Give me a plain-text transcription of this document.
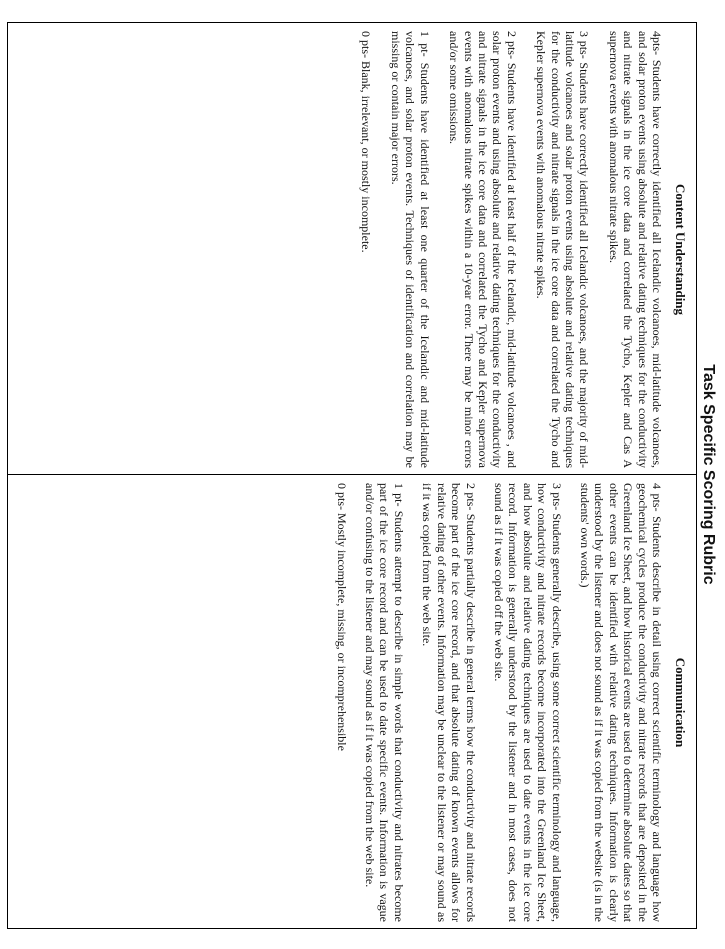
Task Specific Scoring Rubric
Content Understanding

4pts- Students have correctly identified all Icelandic volcanoes, mid-latitude volcanoes, and solar proton events using absolute and relative dating techniques for the conductivity and nitrate signals in the ice core data and correlated the Tycho, Kepler and Cas A supernova events with anomalous nitrate spikes.

3 pts- Students have correctly identified all Icelandic volcanoes, and the majority of mid-latitude volcanoes and solar proton events using absolute and relative dating techniques for the conductivity and nitrate signals in the ice core data and correlated the Tycho and Kepler supernova events with anomalous nitrate spikes.

2 pts- Students have identified at least half of the Icelandic, mid-latitude volcanoes , and solar proton events and using absolute and relative dating techniques for the conductivity and nitrate signals in the ice core data and correlated the Tycho and Kepler supernova events with anomalous nitrate spikes within a 10-year error. There may be minor errors and/or some omissions.

1 pt- Students have identified at least one quarter of the Icelandic and mid-latitude volcanoes, and solar proton events. Techniques of identification and correlation may be missing or contain major errors.

0 pts- Blank, irrelevant, or mostly incomplete.

Communication

4 pts- Students describe in detail using correct scientific terminology and language how geochemical cycles produce the conductivity and nitrate records that are deposited in the Greenland Ice Sheet, and how historical events are used to determine absolute dates so that other events can be identified with relative dating techniques. Information is clearly understood by the listener and does not sound as if it was copied from the website (is in the students' own words.)

3 pts- Students generally describe, using some correct scientific terminology and language, how conductivity and nitrate records become incorporated into the Greenland Ice Sheet, and how absolute and relative dating techniques are used to date events in the ice core record. Information is generally understood by the listener and in most cases, does not sound as if it was copied off the web site.

2 pts- Students partially describe in general terms how the conductivity and nitrate records become part of the ice core record, and that absolute dating of known events allows for relative dating of other events. Information may be unclear to the listener or may sound as if it was copied from the web site.

1 pt- Students attempt to describe in simple words that conductivity and nitrates become part of the ice core record and can be used to date specific events. Information is vague and/or confusing to the listener and may sound as if it was copied from the web site.

0 pts- Mostly incomplete, missing, or incomprehensible
